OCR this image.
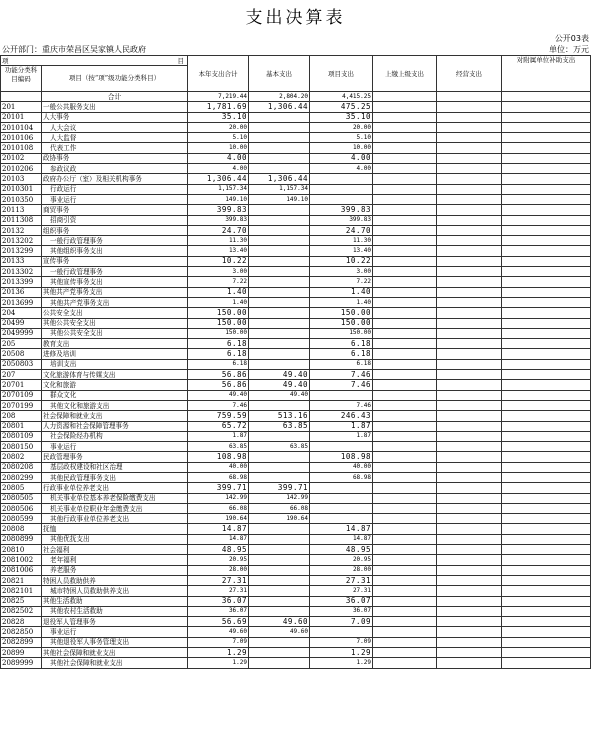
支出决算表
公开03表
公开部门：重庆市荣昌区吴家镇人民政府	单位：万元
项 目		本年支出合计	基本支出	项目支出	上缴上级支出	经营支出	对附属单位补助支出
功能分类科目编码	项目（按“项”级功能分类科目）						
	合计	7,219.44	2,804.20	4,415.25			
201	一般公共服务支出	1,781.69	1,306.44	475.25			
20101	人大事务	35.10		35.10			
2010104	人大会议	20.00		20.00			
2010106	人大监督	5.10		5.10			
2010108	代表工作	10.00		10.00			
20102	政协事务	4.00		4.00			
2010206	参政议政	4.00		4.00			
20103	政府办公厅（室）及相关机构事务	1,306.44	1,306.44				
2010301	行政运行	1,157.34	1,157.34				
2010350	事业运行	149.10	149.10				
20113	商贸事务	399.83		399.83			
2011308	招商引资	399.83		399.83			
20132	组织事务	24.70		24.70			
2013202	一般行政管理事务	11.30		11.30			
2013299	其他组织事务支出	13.40		13.40			
20133	宣传事务	10.22		10.22			
2013302	一般行政管理事务	3.00		3.00			
2013399	其他宣传事务支出	7.22		7.22			
20136	其他共产党事务支出	1.40		1.40			
2013699	其他共产党事务支出	1.40		1.40			
204	公共安全支出	150.00		150.00			
20499	其他公共安全支出	150.00		150.00			
2049999	其他公共安全支出	150.00		150.00			
205	教育支出	6.18		6.18			
20508	进修及培训	6.18		6.18			
2050803	培训支出	6.18		6.18			
207	文化旅游体育与传媒支出	56.86	49.40	7.46			
20701	文化和旅游	56.86	49.40	7.46			
2070109	群众文化	49.40	49.40				
2070199	其他文化和旅游支出	7.46		7.46			
208	社会保障和就业支出	759.59	513.16	246.43			
20801	人力资源和社会保障管理事务	65.72	63.85	1.87			
2080109	社会保险经办机构	1.87		1.87			
2080150	事业运行	63.85	63.85				
20802	民政管理事务	108.98		108.98			
2080208	基层政权建设和社区治理	40.00		40.00			
2080299	其他民政管理事务支出	68.98		68.98			
20805	行政事业单位养老支出	399.71	399.71				
2080505	机关事业单位基本养老保险缴费支出	142.99	142.99				
2080506	机关事业单位职业年金缴费支出	66.08	66.08				
2080599	其他行政事业单位养老支出	190.64	190.64				
20808	抚恤	14.87		14.87			
2080899	其他优抚支出	14.87		14.87			
20810	社会福利	48.95		48.95			
2081002	老年福利	20.95		20.95			
2081006	养老服务	28.00		28.00			
20821	特困人员救助供养	27.31		27.31			
2082101	城市特困人员救助供养支出	27.31		27.31			
20825	其他生活救助	36.07		36.07			
2082502	其他农村生活救助	36.07		36.07			
20828	退役军人管理事务	56.69	49.60	7.09			
2082850	事业运行	49.60	49.60				
2082899	其他退役军人事务管理支出	7.09		7.09			
20899	其他社会保障和就业支出	1.29		1.29			
2089999	其他社会保障和就业支出	1.29		1.29			
